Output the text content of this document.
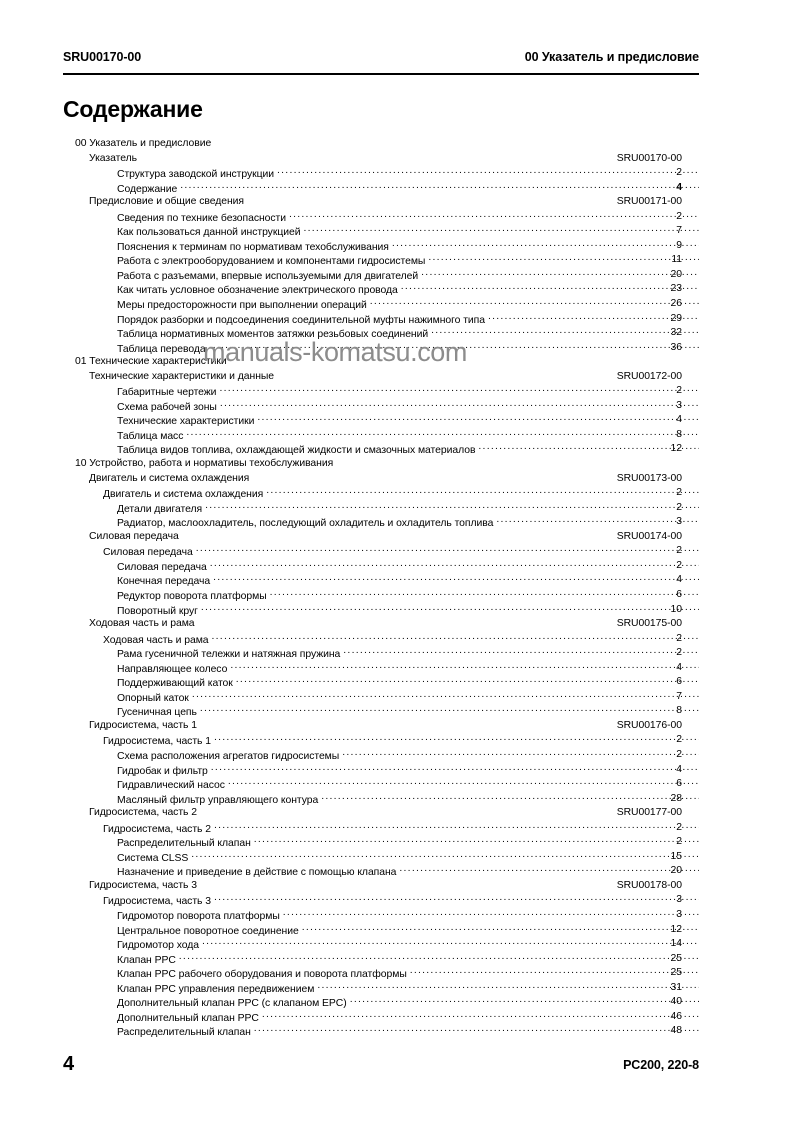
SRU00170-00	00 Указатель и предисловие
Содержание
00 Указатель и предисловие
Указатель	SRU00170-00
Структура заводской инструкции .....	2
Содержание .....	4
Предисловие и общие сведения	SRU00171-00
Сведения по технике безопасности .....	2
Как пользоваться данной инструкцией .....	7
Пояснения к терминам по нормативам техобслуживания .....	9
Работа с электрооборудованием и компонентами гидросистемы .....	11
Работа с разъемами, впервые используемыми для двигателей .....	20
Как читать условное обозначение электрического провода .....	23
Меры предосторожности при выполнении операций .....	26
Порядок разборки и подсоединения соединительной муфты нажимного типа .....	29
Таблица нормативных моментов затяжки резьбовых соединений .....	32
Таблица перевода .....	36
01 Технические характеристики
Технические характеристики и данные	SRU00172-00
Габаритные чертежи .....	2
Схема рабочей зоны .....	3
Технические характеристики .....	4
Таблица масс .....	8
Таблица видов топлива, охлаждающей жидкости и смазочных материалов .....	12
10 Устройство, работа и нормативы техобслуживания
Двигатель и система охлаждения	SRU00173-00
Двигатель и система охлаждения .....	2
Детали двигателя .....	2
Радиатор, маслоохладитель, последующий охладитель и охладитель топлива .....	3
Силовая передача	SRU00174-00
Силовая передача .....	2
Силовая передача .....	2
Конечная передача .....	4
Редуктор поворота платформы .....	6
Поворотный круг .....	10
Ходовая часть и рама	SRU00175-00
Ходовая часть и рама .....	2
Рама гусеничной тележки и натяжная пружина .....	2
Направляющее колесо .....	4
Поддерживающий каток .....	6
Опорный каток .....	7
Гусеничная цепь .....	8
Гидросистема, часть 1	SRU00176-00
Гидросистема, часть 1 .....	2
Схема расположения агрегатов гидросистемы .....	2
Гидробак и фильтр .....	4
Гидравлический насос .....	6
Масляный фильтр управляющего контура .....	28
Гидросистема, часть 2	SRU00177-00
Гидросистема, часть 2 .....	2
Распределительный клапан .....	2
Система CLSS .....	15
Назначение и приведение в действие с помощью клапана .....	20
Гидросистема, часть 3	SRU00178-00
Гидросистема, часть 3 .....	3
Гидромотор поворота платформы .....	3
Центральное поворотное соединение .....	12
Гидромотор хода .....	14
Клапан PPC .....	25
Клапан PPC рабочего оборудования и поворота платформы .....	25
Клапан PPC управления передвижением .....	31
Дополнительный клапан PPC (с клапаном EPC) .....	40
Дополнительный клапан PPC .....	46
Распределительный клапан .....	48
manuals-komatsu.com
4	PC200, 220-8
